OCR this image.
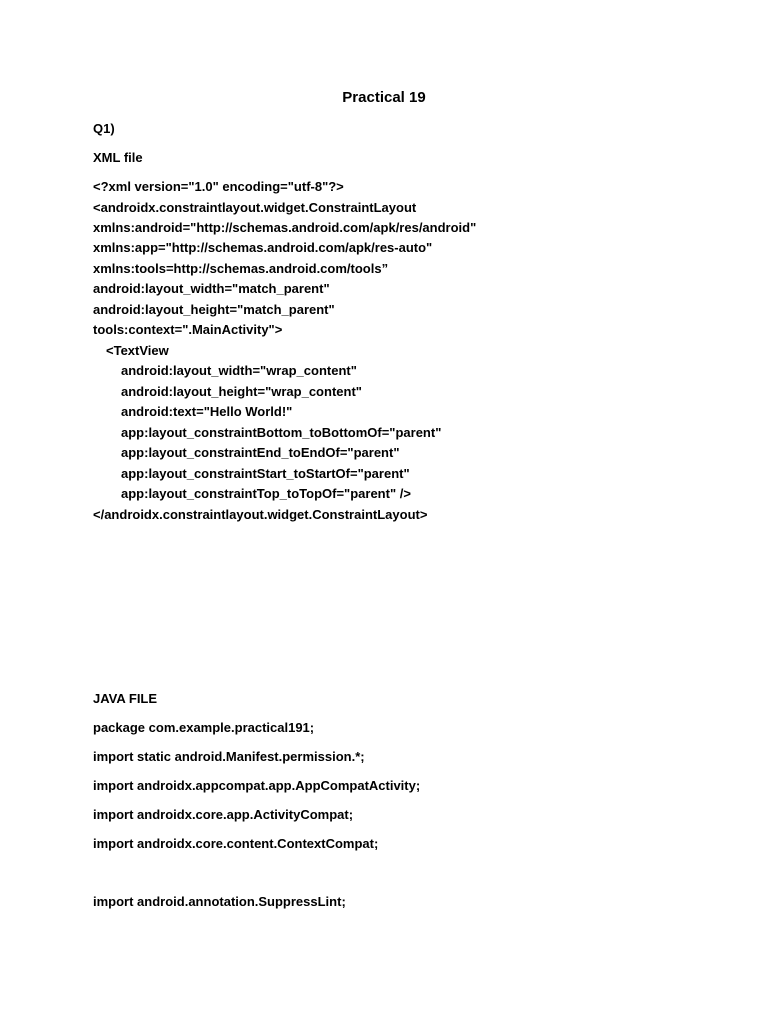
Practical 19
Q1)
XML file
<?xml version="1.0" encoding="utf-8"?>
<androidx.constraintlayout.widget.ConstraintLayout
xmlns:android="http://schemas.android.com/apk/res/android"
xmlns:app="http://schemas.android.com/apk/res-auto"
xmlns:tools=http://schemas.android.com/tools”
android:layout_width="match_parent"
android:layout_height="match_parent"
tools:context=".MainActivity">
<TextView
android:layout_width="wrap_content"
android:layout_height="wrap_content"
android:text="Hello World!"
app:layout_constraintBottom_toBottomOf="parent"
app:layout_constraintEnd_toEndOf="parent"
app:layout_constraintStart_toStartOf="parent"
app:layout_constraintTop_toTopOf="parent" />
</androidx.constraintlayout.widget.ConstraintLayout>
JAVA FILE
package com.example.practical191;
import static android.Manifest.permission.*;
import androidx.appcompat.app.AppCompatActivity;
import androidx.core.app.ActivityCompat;
import androidx.core.content.ContextCompat;
import android.annotation.SuppressLint;
